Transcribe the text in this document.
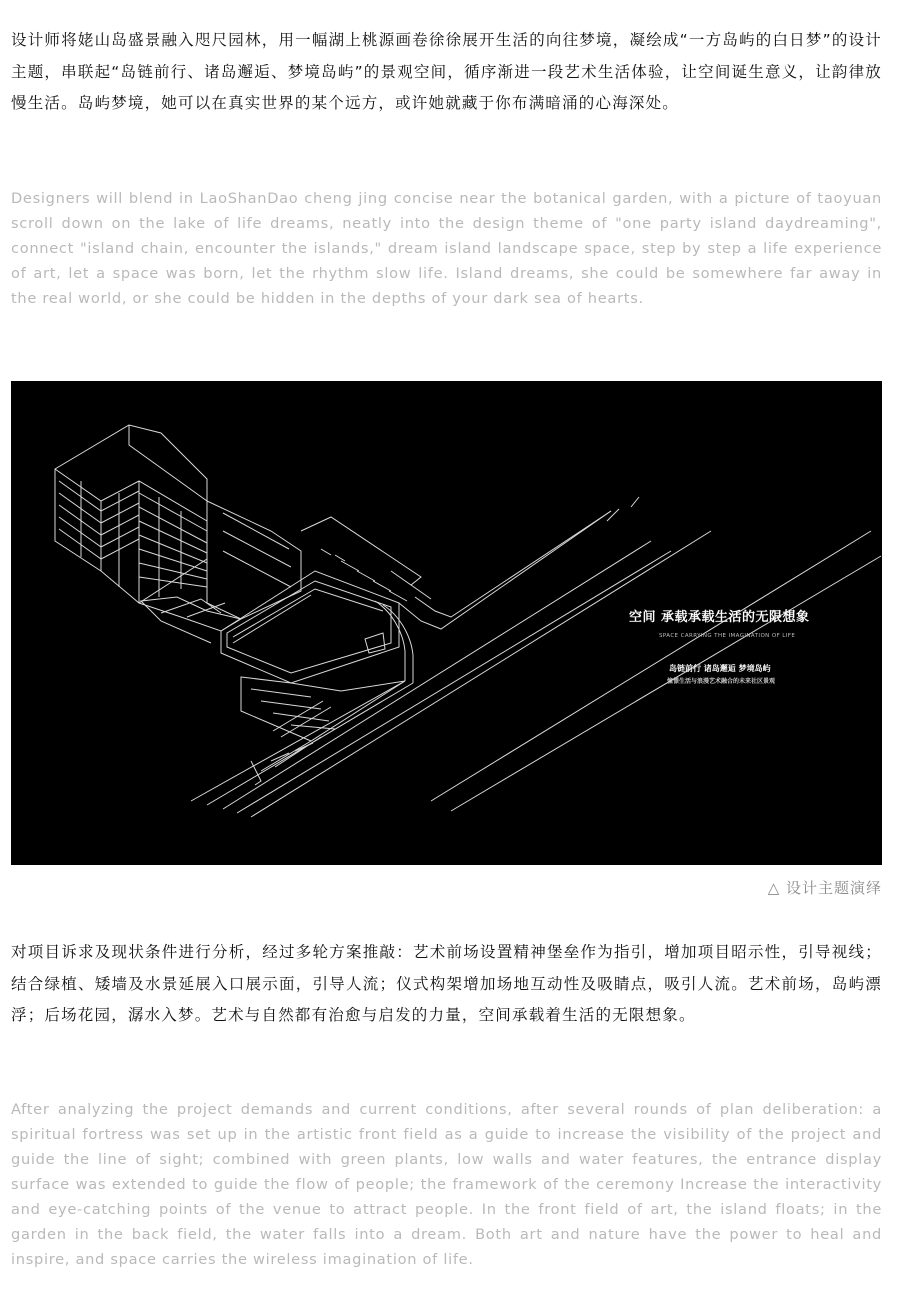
设计师将姥山岛盛景融入咫尺园林，用一幅湖上桃源画卷徐徐展开生活的向往梦境，凝绘成“一方岛屿的白日梦”的设计主题，串联起“岛链前行、诸岛邂逅、梦境岛屿”的景观空间，循序渐进一段艺术生活体验，让空间诞生意义，让韵律放慢生活。岛屿梦境，她可以在真实世界的某个远方，或许她就藏于你布满暗涌的心海深处。

Designers will blend in LaoShanDao cheng jing concise near the botanical garden, with a picture of taoyuan scroll down on the lake of life dreams, neatly into the design theme of "one party island daydreaming", connect "island chain, encounter the islands," dream island landscape space, step by step a life experience of art, let a space was born, let the rhythm slow life. Island dreams, she could be somewhere far away in the real world, or she could be hidden in the depths of your dark sea of hearts.

空间 承载承载生活的无限想象
SPACE CARRYING THE IMAGINATION OF LIFE
岛链前行 诸岛邂逅 梦境岛屿
憧憬生活与浪漫艺术融合的未来社区景观
△ 设计主题演绎

对项目诉求及现状条件进行分析，经过多轮方案推敲：艺术前场设置精神堡垒作为指引，增加项目昭示性，引导视线；结合绿植、矮墙及水景延展入口展示面，引导人流；仪式构架增加场地互动性及吸睛点，吸引人流。艺术前场，岛屿漂浮；后场花园，潺水入梦。艺术与自然都有治愈与启发的力量，空间承载着生活的无限想象。

After analyzing the project demands and current conditions, after several rounds of plan deliberation: a spiritual fortress was set up in the artistic front field as a guide to increase the visibility of the project and guide the line of sight; combined with green plants, low walls and water features, the entrance display surface was extended to guide the flow of people; the framework of the ceremony Increase the interactivity and eye-catching points of the venue to attract people. In the front field of art, the island floats; in the garden in the back field, the water falls into a dream. Both art and nature have the power to heal and inspire, and space carries the wireless imagination of life.
